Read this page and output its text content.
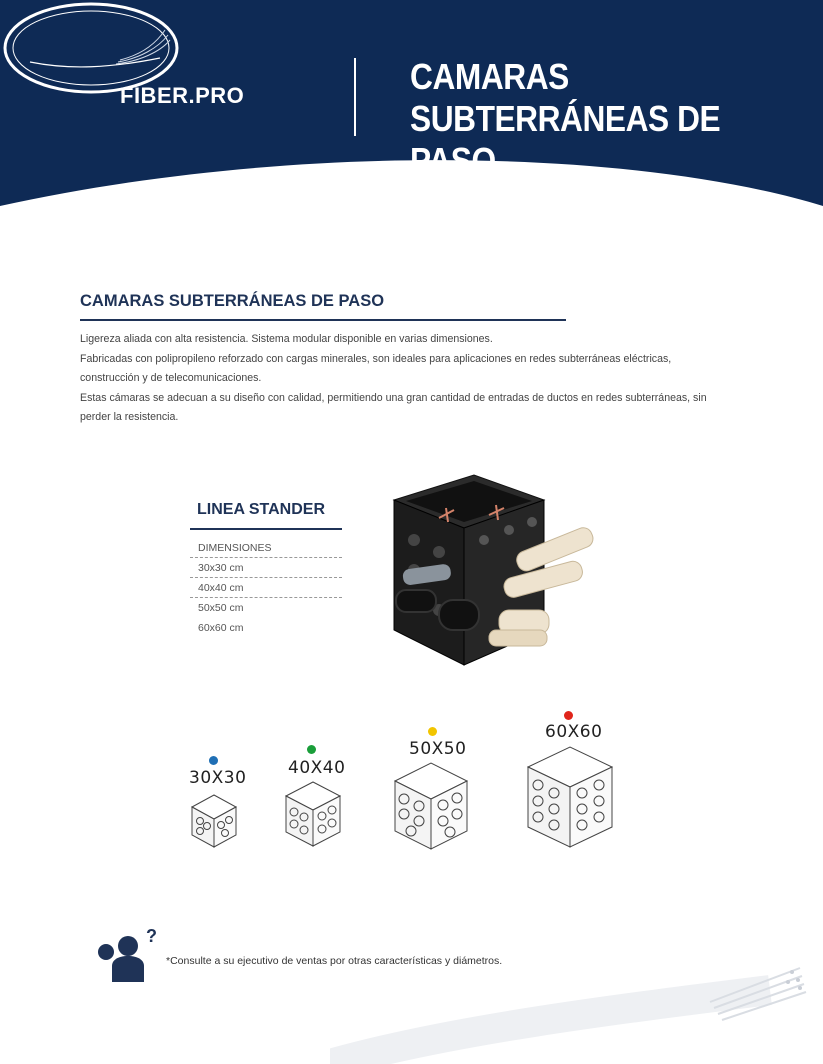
FIBER.PRO	CAMARAS
SUBTERRÁNEAS DE PASO
CAMARAS SUBTERRÁNEAS DE PASO

Ligereza aliada con alta resistencia. Sistema modular disponible en varias dimensiones.

Fabricadas con polipropileno reforzado con cargas minerales, son ideales para aplicaciones en redes subterráneas eléctricas, construcción y de telecomunicaciones.

Estas cámaras se adecuan a su diseño con calidad, permitiendo una gran cantidad de entradas de ductos en redes subterráneas, sin perder la resistencia.

LINEA STANDER
DIMENSIONES
30x30 cm
40x40 cm
50x50 cm
60x60 cm
30X30 40X40
50X50
60X60
?
*Consulte a su ejecutivo de ventas por otras características y diámetros.
